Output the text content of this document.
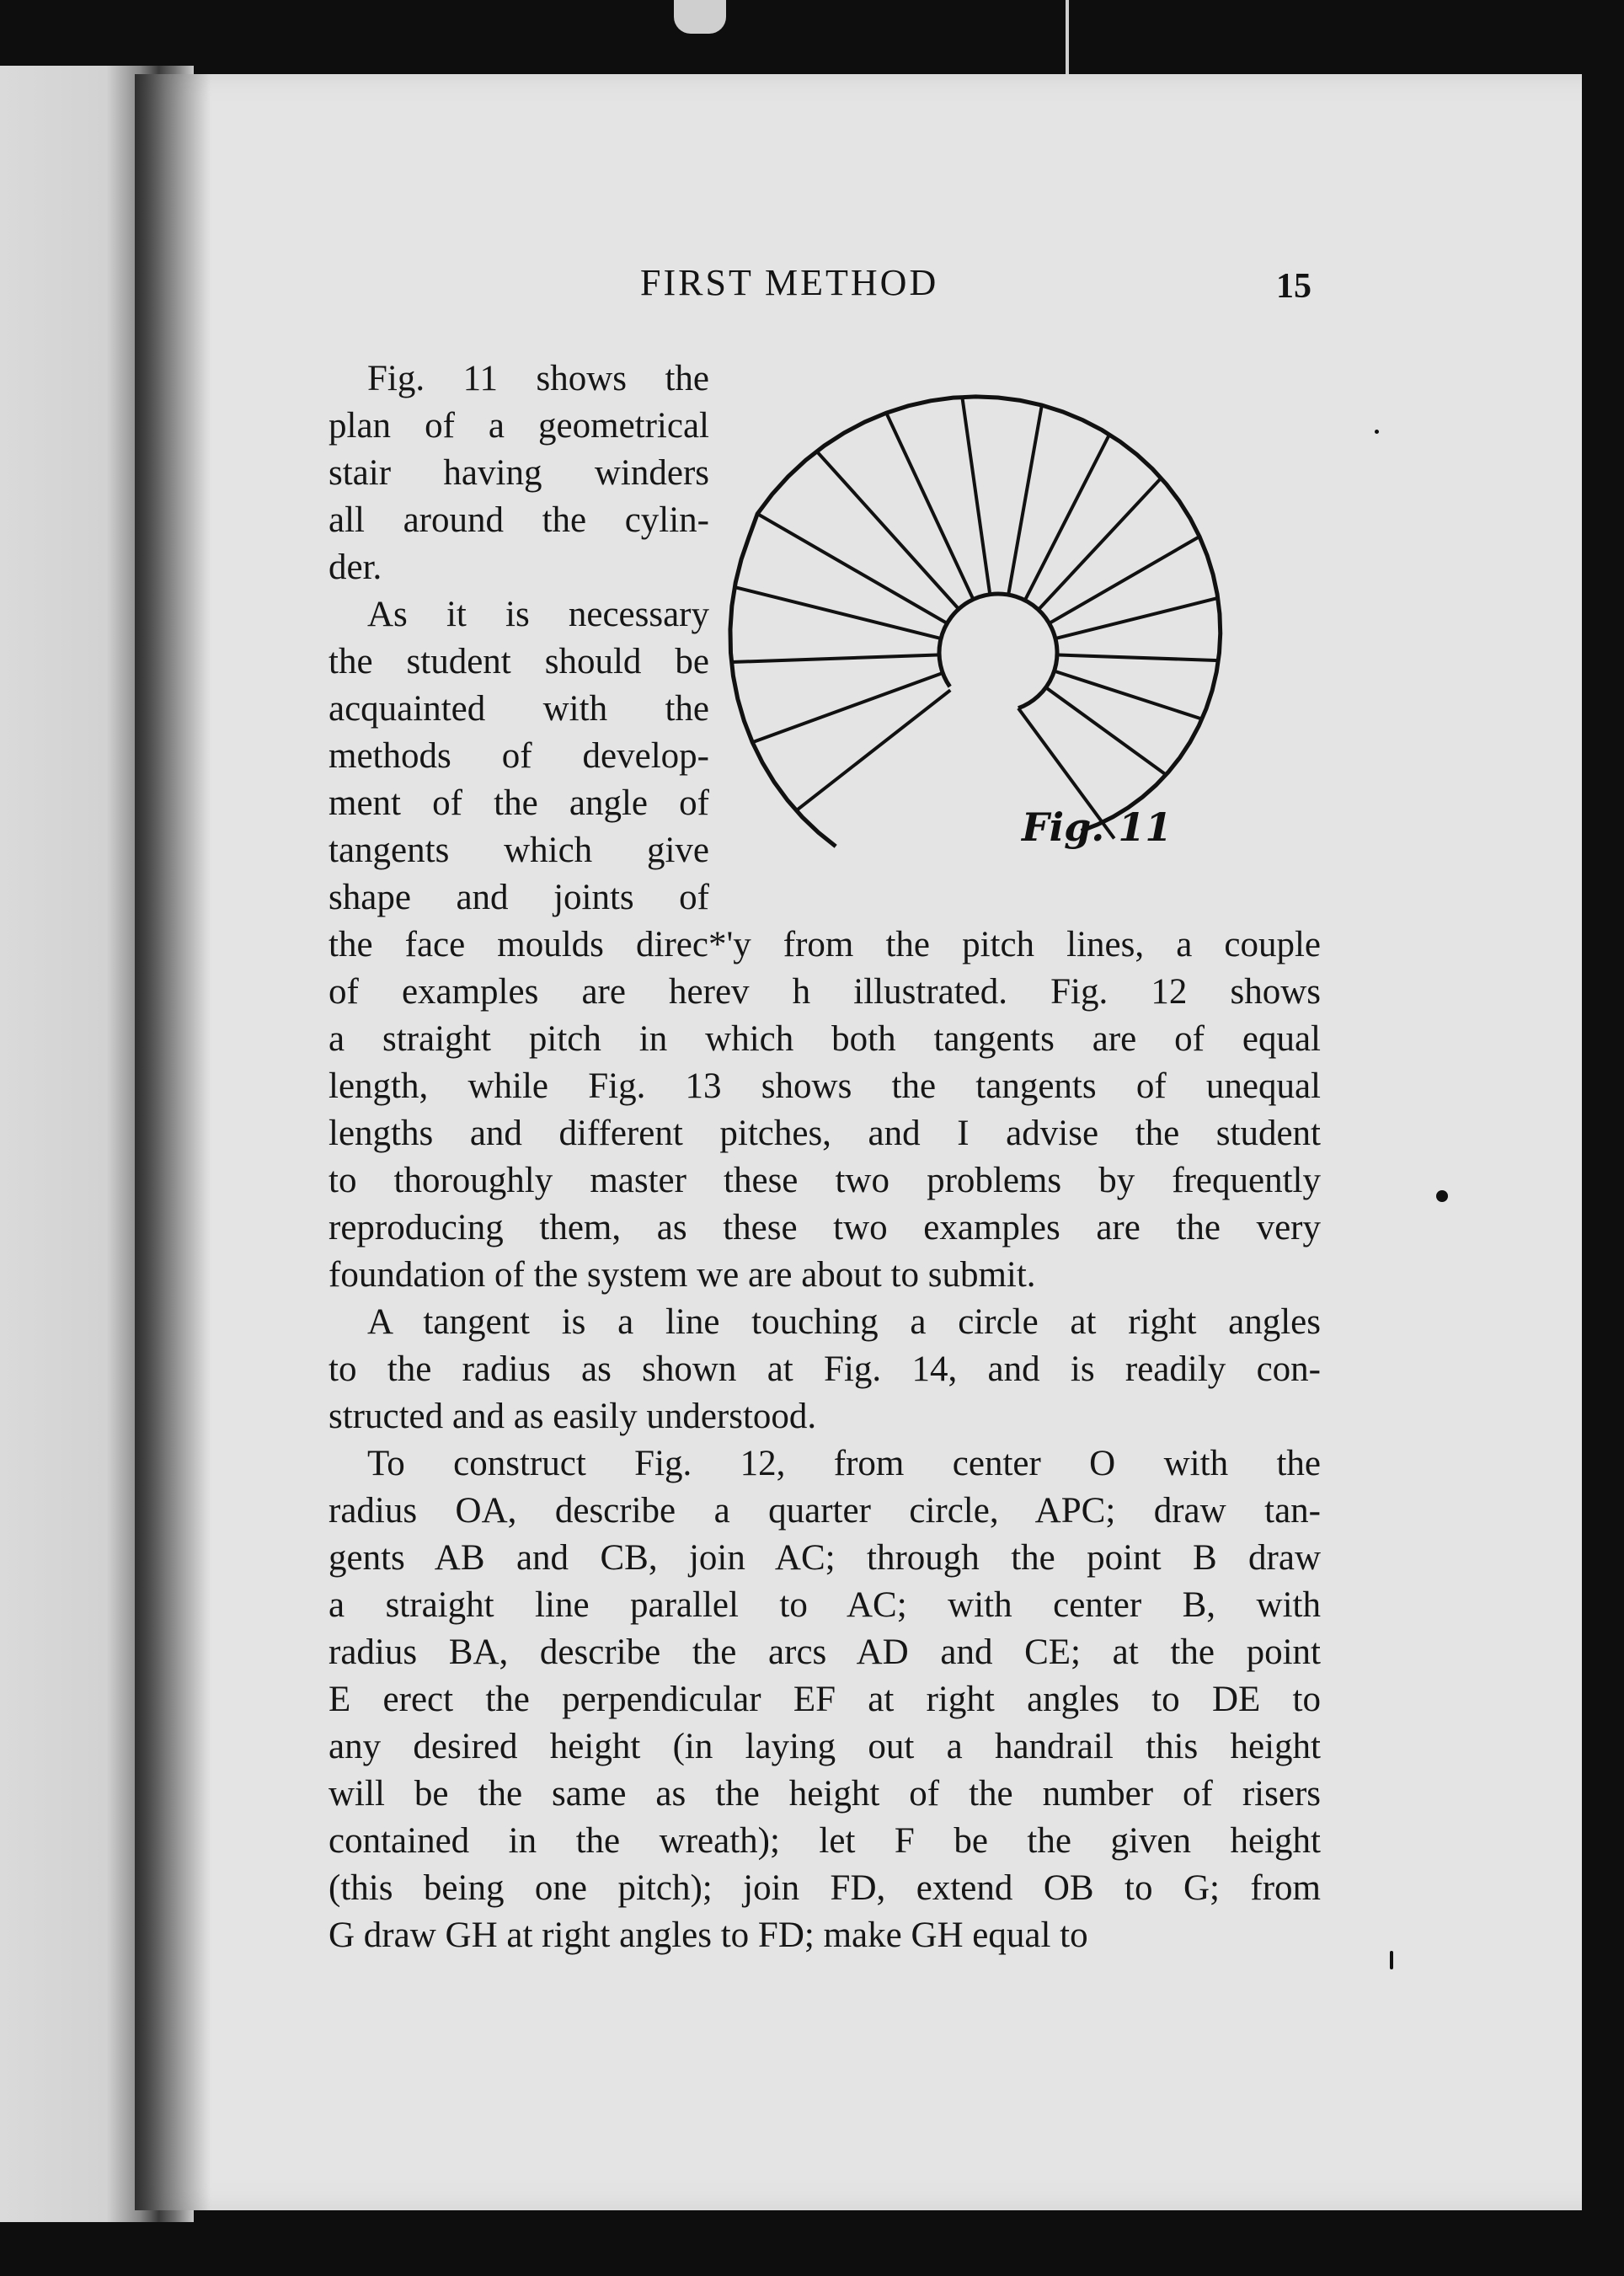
FIRST METHOD	15
Fig. 11
Fig. 11 shows the
plan of a geometrical
stair having winders
all around the cylin-
der.
As it is necessary
the student should be
acquainted with the
methods of develop-
ment of the angle of
tangents which give
shape and joints of
the face moulds direc*'y from the pitch lines, a couple
of examples are herev h illustrated. Fig. 12 shows
a straight pitch in which both tangents are of equal
length, while Fig. 13 shows the tangents of unequal
lengths and different pitches, and I advise the student
to thoroughly master these two problems by frequently
reproducing them, as these two examples are the very
foundation of the system we are about to submit.
A tangent is a line touching a circle at right angles
to the radius as shown at Fig. 14, and is readily con-
structed and as easily understood.
To construct Fig. 12, from center O with the
radius OA, describe a quarter circle, APC; draw tan-
gents AB and CB, join AC; through the point B draw
a straight line parallel to AC; with center B, with
radius BA, describe the arcs AD and CE; at the point
E erect the perpendicular EF at right angles to DE to
any desired height (in laying out a handrail this height
will be the same as the height of the number of risers
contained in the wreath); let F be the given height
(this being one pitch); join FD, extend OB to G; from
G draw GH at right angles to FD; make GH equal to
